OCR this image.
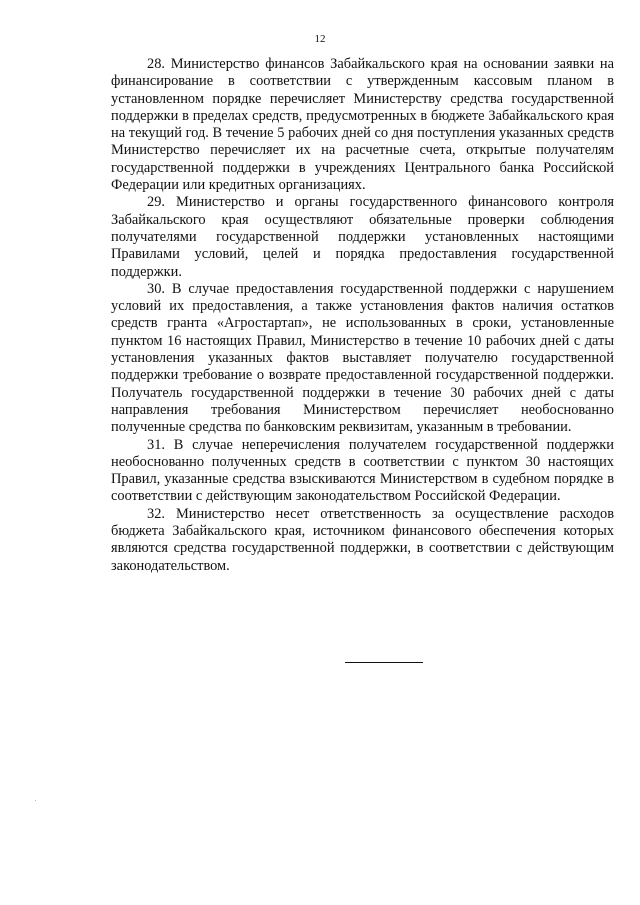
12

28. Министерство финансов Забайкальского края на основании заявки на финансирование в соответствии с утвержденным кассовым планом в установленном порядке перечисляет Министерству средства государственной поддержки в пределах средств, предусмотренных в бюджете Забайкальского края на текущий год. В течение 5 рабочих дней со дня поступления указанных средств Министерство перечисляет их на расчетные счета, открытые получателям государственной поддержки в учреждениях Центрального банка Российской Федерации или кредитных организациях.

29. Министерство и органы государственного финансового контроля Забайкальского края осуществляют обязательные проверки соблюдения получателями государственной поддержки установленных настоящими Правилами условий, целей и порядка предоставления государственной поддержки.

30. В случае предоставления государственной поддержки с нарушением условий их предоставления, а также установления фактов наличия остатков средств гранта «Агростартап», не использованных в сроки, установленные пунктом 16 настоящих Правил, Министерство в течение 10 рабочих дней с даты установления указанных фактов выставляет получателю государственной поддержки требование о возврате предоставленной государственной поддержки. Получатель государственной поддержки в течение 30 рабочих дней с даты направления требования Министерством перечисляет необоснованно полученные средства по банковским реквизитам, указанным в требовании.

31. В случае неперечисления получателем государственной поддержки необоснованно полученных средств в соответствии с пунктом 30 настоящих Правил, указанные средства взыскиваются Министерством в судебном порядке в соответствии с действующим законодательством Российской Федерации.

32. Министерство несет ответственность за осуществление расходов бюджета Забайкальского края, источником финансового обеспечения которых являются средства государственной поддержки, в соответствии с действующим законодательством.
